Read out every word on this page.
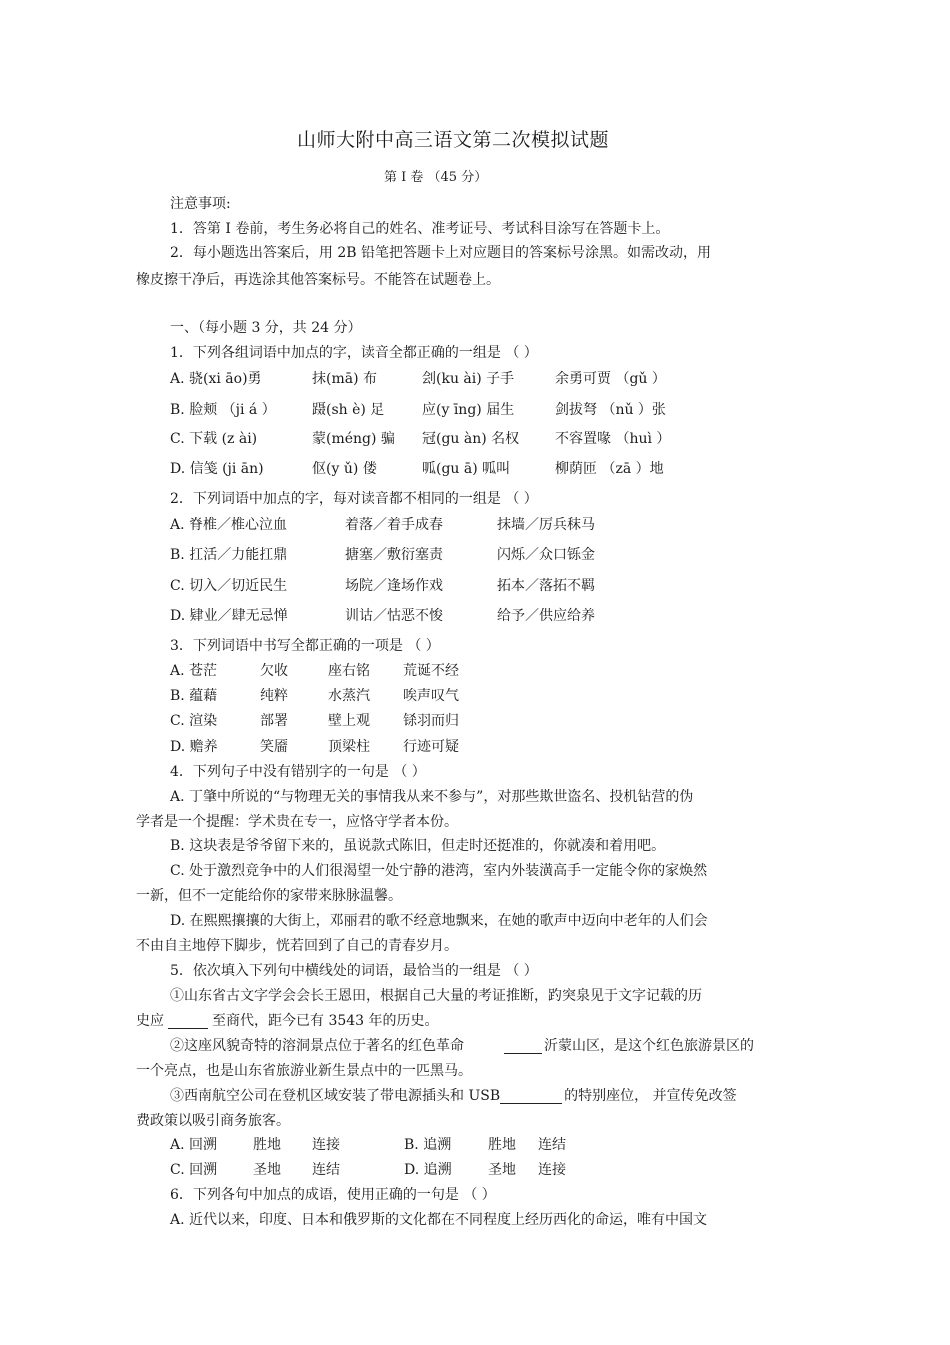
山师大附中高三语文第二次模拟试题
第 I 卷 （45 分）
注意事项:
1．答第 I 卷前，考生务必将自己的姓名、准考证号、考试科目涂写在答题卡上。
2．每小题选出答案后，用 2B 铅笔把答题卡上对应题目的答案标号涂黑。如需改动，用
橡皮擦干净后，再选涂其他答案标号。不能答在试题卷上。
一、（每小题 3 分，共 24 分）
1．下列各组词语中加点的字，读音全都正确的一组是 （ ）
A. 骁(xi āo)勇	抹(mā) 布	刽(ku ài) 子手	余勇可贾 （gǔ ）
B. 脸颊 （ji á ）	蹑(sh è) 足	应(y īng) 届生	剑拔弩 （nǔ ）张
C. 下载 (z ài)	蒙(méng) 骗 冠(gu àn) 名权	不容置喙 （huì ）
D. 信笺 (ji ān)	伛(y ǔ) 偻	呱(gu ā) 呱叫	柳荫匝 （zā ）地
2．下列词语中加点的字，每对读音都不相同的一组是 （ ）
A. 脊椎／椎心泣血	着落／着手成春	抹墙／厉兵秣马
B. 扛活／力能扛鼎	搪塞／敷衍塞责	闪烁／众口铄金
C. 切入／切近民生	场院／逢场作戏	拓本／落拓不羁
D. 肄业／肆无忌惮	训诂／怙恶不悛	给予／供应给养
3．下列词语中书写全都正确的一项是 （ ）
A. 苍茫	欠收	座右铭 荒诞不经
B. 蕴藉	纯粹	水蒸汽 唉声叹气
C. 渲染	部署	壁上观 铩羽而归
D. 赡养	笑靥	顶梁柱 行迹可疑
4．下列句子中没有错别字的一句是 （ ）
A. 丁肇中所说的“与物理无关的事情我从来不参与”，对那些欺世盗名、投机钻营的伪
学者是一个提醒：学术贵在专一，应恪守学者本份。
B. 这块表是爷爷留下来的，虽说款式陈旧，但走时还挺准的，你就凑和着用吧。
C. 处于激烈竞争中的人们很渴望一处宁静的港湾，室内外装潢高手一定能令你的家焕然
一新，但不一定能给你的家带来脉脉温馨。
D. 在熙熙攘攘的大街上，邓丽君的歌不经意地飘来，在她的歌声中迈向中老年的人们会
不由自主地停下脚步，恍若回到了自己的青春岁月。
5．依次填入下列句中横线处的词语，最恰当的一组是 （ ）
①山东省古文字学会会长王恩田，根据自己大量的考证推断，趵突泉见于文字记载的历
史应	至商代，距今已有 3543 年的历史。
②这座风貌奇特的溶洞景点位于著名的红色革命	沂蒙山区，是这个红色旅游景区的
一个亮点，也是山东省旅游业新生景点中的一匹黑马。
③西南航空公司在登机区域安装了带电源插头和 USB	的特别座位， 并宣传免改签
费政策以吸引商务旅客。
A. 回溯	胜地 连接	B. 追溯	胜地 连结
C. 回溯	圣地 连结	D. 追溯	圣地 连接
6．下列各句中加点的成语，使用正确的一句是 （ ）
A. 近代以来，印度、日本和俄罗斯的文化都在不同程度上经历西化的命运，唯有中国文
